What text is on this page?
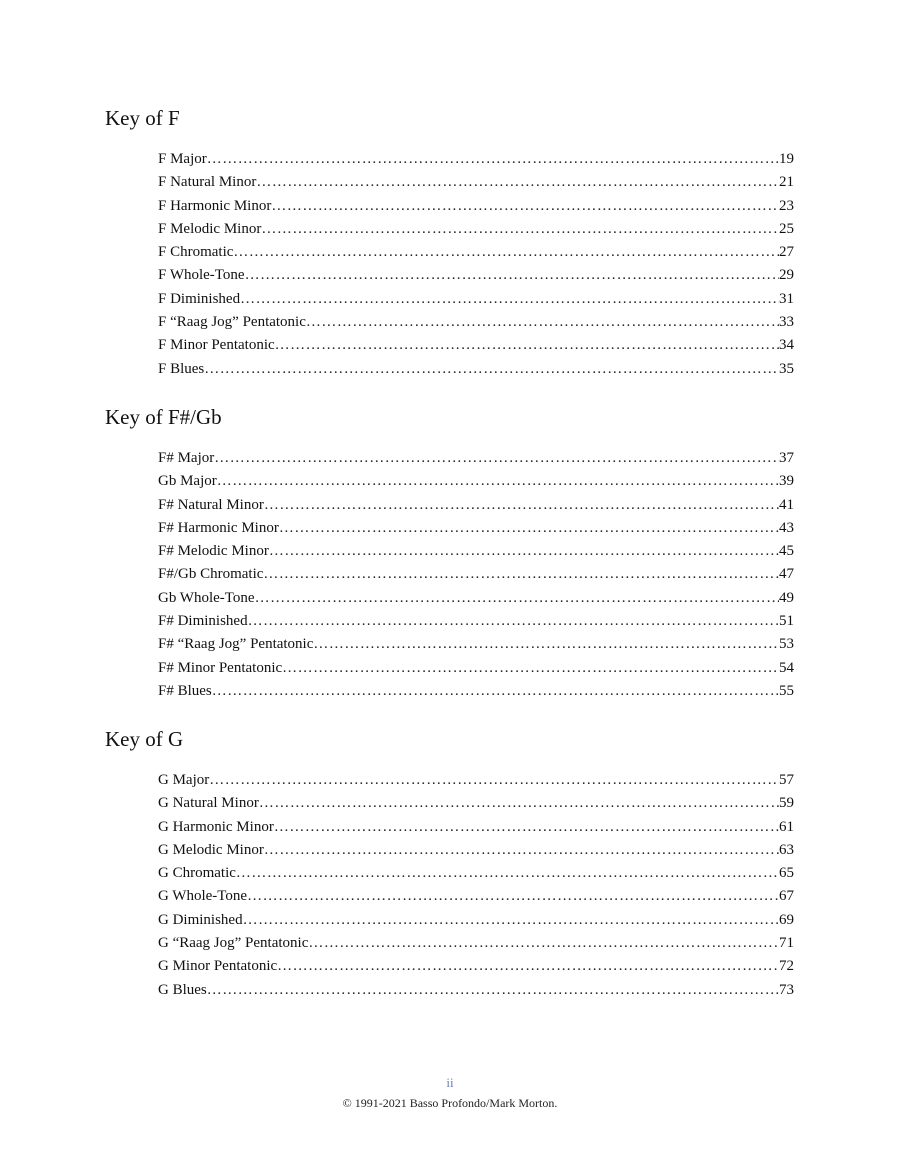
Key of F
F Major ………………………………………………………………………………………………………………………………………………………………………………	19
F Natural Minor ………………………………………………………………………………………………………………………………………………………………………………	21
F Harmonic Minor ………………………………………………………………………………………………………………………………………………………………………………	23
F Melodic Minor ………………………………………………………………………………………………………………………………………………………………………………	25
F Chromatic ………………………………………………………………………………………………………………………………………………………………………………	27
F Whole-Tone ………………………………………………………………………………………………………………………………………………………………………………	29
F Diminished ………………………………………………………………………………………………………………………………………………………………………………	31
F “Raag Jog” Pentatonic ………………………………………………………………………………………………………………………………………………………………………………	33
F Minor Pentatonic ………………………………………………………………………………………………………………………………………………………………………………	34
F Blues ………………………………………………………………………………………………………………………………………………………………………………	35
Key of F#/Gb
F# Major ………………………………………………………………………………………………………………………………………………………………………………	37
Gb Major ………………………………………………………………………………………………………………………………………………………………………………	39
F# Natural Minor ………………………………………………………………………………………………………………………………………………………………………………	41
F# Harmonic Minor ………………………………………………………………………………………………………………………………………………………………………………	43
F# Melodic Minor ………………………………………………………………………………………………………………………………………………………………………………	45
F#/Gb Chromatic ………………………………………………………………………………………………………………………………………………………………………………	47
Gb Whole-Tone ………………………………………………………………………………………………………………………………………………………………………………	49
F# Diminished ………………………………………………………………………………………………………………………………………………………………………………	51
F# “Raag Jog” Pentatonic ………………………………………………………………………………………………………………………………………………………………………………	53
F# Minor Pentatonic ………………………………………………………………………………………………………………………………………………………………………………	54
F# Blues ………………………………………………………………………………………………………………………………………………………………………………	55
Key of G
G Major ………………………………………………………………………………………………………………………………………………………………………………	57
G Natural Minor ………………………………………………………………………………………………………………………………………………………………………………	59
G Harmonic Minor ………………………………………………………………………………………………………………………………………………………………………………	61
G Melodic Minor ………………………………………………………………………………………………………………………………………………………………………………	63
G Chromatic ………………………………………………………………………………………………………………………………………………………………………………	65
G Whole-Tone ………………………………………………………………………………………………………………………………………………………………………………	67
G Diminished ………………………………………………………………………………………………………………………………………………………………………………	69
G “Raag Jog” Pentatonic ………………………………………………………………………………………………………………………………………………………………………………	71
G Minor Pentatonic ………………………………………………………………………………………………………………………………………………………………………………	72
G Blues ………………………………………………………………………………………………………………………………………………………………………………	73
ii
© 1991-2021 Basso Profondo/Mark Morton.
